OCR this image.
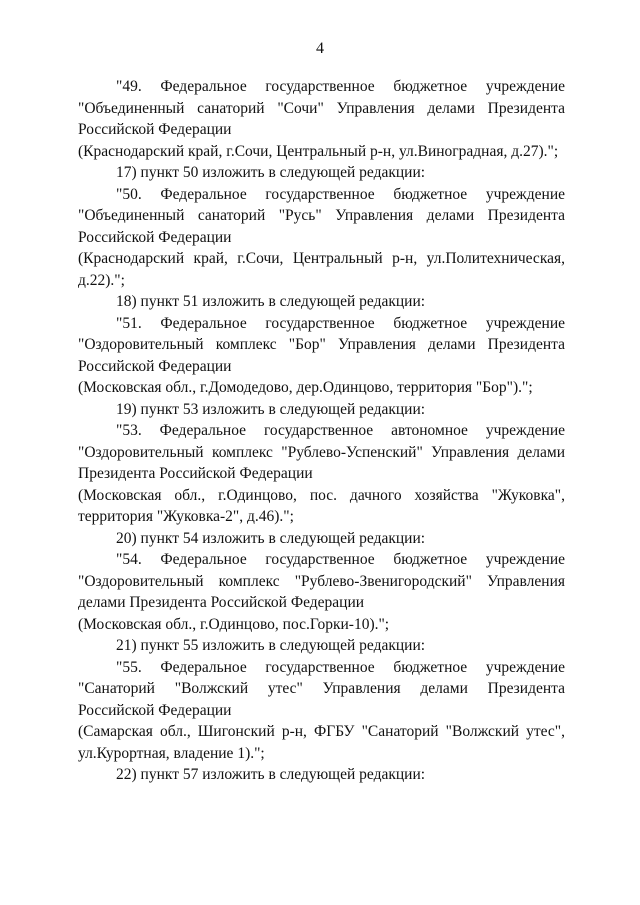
4

"49. Федеральное государственное бюджетное учреждение "Объединенный санаторий "Сочи" Управления делами Президента Российской Федерации

(Краснодарский край, г.Сочи, Центральный р-н, ул.Виноградная, д.27).";

17) пункт 50 изложить в следующей редакции:

"50. Федеральное государственное бюджетное учреждение "Объединенный санаторий "Русь" Управления делами Президента Российской Федерации

(Краснодарский край, г.Сочи, Центральный р-н, ул.Политехническая, д.22).";

18) пункт 51 изложить в следующей редакции:

"51. Федеральное государственное бюджетное учреждение "Оздоровительный комплекс "Бор" Управления делами Президента Российской Федерации

(Московская обл., г.Домодедово, дер.Одинцово, территория "Бор").";

19) пункт 53 изложить в следующей редакции:

"53. Федеральное государственное автономное учреждение "Оздоровительный комплекс "Рублево-Успенский" Управления делами Президента Российской Федерации

(Московская обл., г.Одинцово, пос. дачного хозяйства "Жуковка", территория "Жуковка-2", д.46).";

20) пункт 54 изложить в следующей редакции:

"54. Федеральное государственное бюджетное учреждение "Оздоровительный комплекс "Рублево-Звенигородский" Управления делами Президента Российской Федерации

(Московская обл., г.Одинцово, пос.Горки-10).";

21) пункт 55 изложить в следующей редакции:

"55. Федеральное государственное бюджетное учреждение "Санаторий "Волжский утес" Управления делами Президента Российской Федерации

(Самарская обл., Шигонский р-н, ФГБУ "Санаторий "Волжский утес", ул.Курортная, владение 1).";

22) пункт 57 изложить в следующей редакции:
